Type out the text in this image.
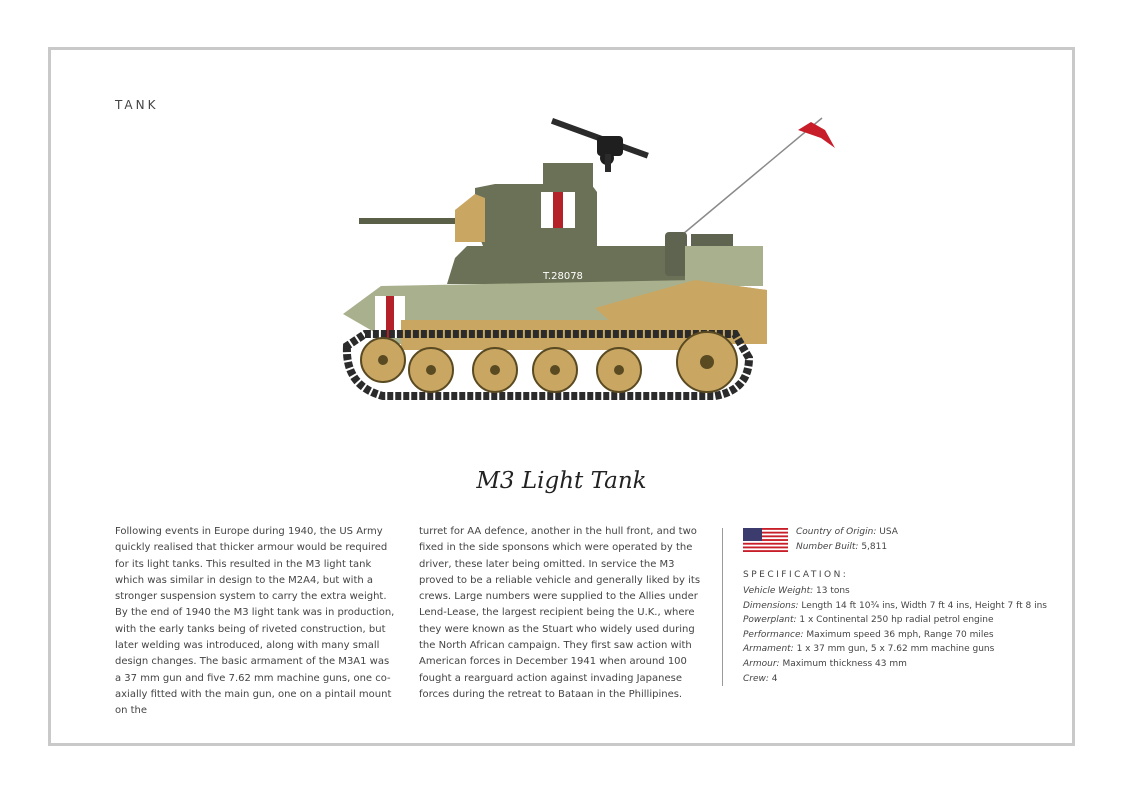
TANK
T.28078
M3 Light Tank
Following events in Europe during 1940, the US Army quickly realised that thicker armour would be required for its light tanks. This resulted in the M3 light tank which was similar in design to the M2A4, but with a stronger suspension system to carry the extra weight. By the end of 1940 the M3 light tank was in production, with the early tanks being of riveted construction, but later welding was introduced, along with many small design changes. The basic armament of the M3A1 was a 37 mm gun and five 7.62 mm machine guns, one co-axially fitted with the main gun, one on a pintail mount on the
turret for AA defence, another in the hull front, and two fixed in the side sponsons which were operated by the driver, these later being omitted. In service the M3 proved to be a reliable vehicle and generally liked by its crews. Large numbers were supplied to the Allies under Lend-Lease, the largest recipient being the U.K., where they were known as the Stuart who widely used during the North African campaign. They first saw action with American forces in December 1941 when around 100 fought a rearguard action against invading Japanese forces during the retreat to Bataan in the Phillipines.
Country of Origin: USA
Number Built: 5,811
SPECIFICATION:
Vehicle Weight: 13 tons
Dimensions: Length 14 ft 10¾ ins, Width 7 ft 4 ins, Height 7 ft 8 ins
Powerplant: 1 x Continental 250 hp radial petrol engine
Performance: Maximum speed 36 mph, Range 70 miles
Armament: 1 x 37 mm gun, 5 x 7.62 mm machine guns
Armour: Maximum thickness 43 mm
Crew: 4
